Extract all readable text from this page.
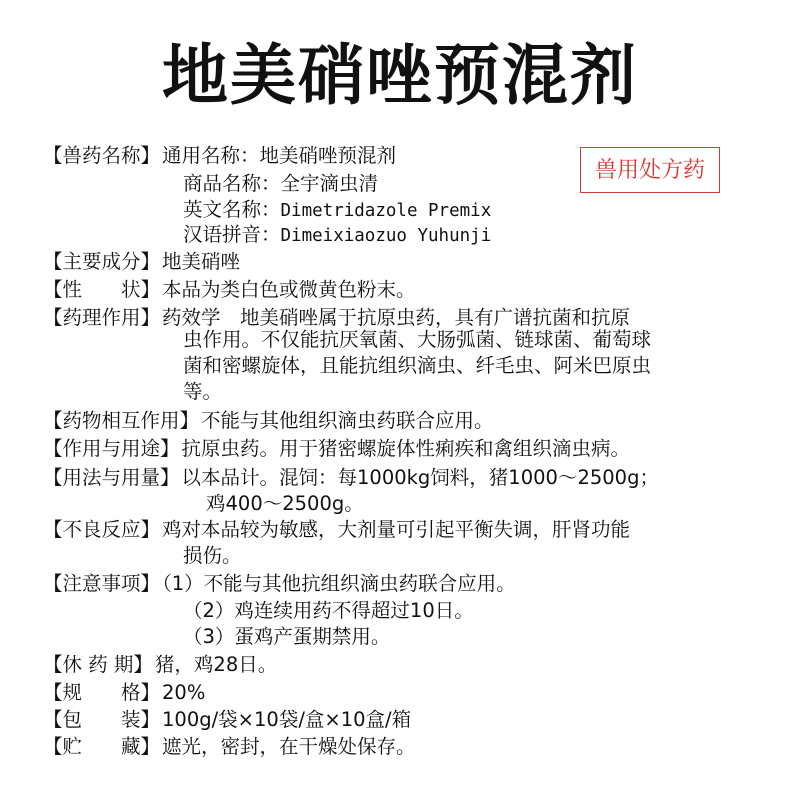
地美硝唑预混剂
兽用处方药
【兽药名称】 通用名称：地美硝唑预混剂
商品名称：全宇滴虫清
英文名称：Dimetridazole Premix
汉语拼音：Dimeixiaozuo Yuhunji
【主要成分】 地美硝唑
【性　　状】 本品为类白色或微黄色粉末。
【药理作用】 药效学　地美硝唑属于抗原虫药，具有广谱抗菌和抗原
虫作用。不仅能抗厌氧菌、大肠弧菌、链球菌、葡萄球
菌和密螺旋体，且能抗组织滴虫、纤毛虫、阿米巴原虫
等。
【药物相互作用】 不能与其他组织滴虫药联合应用。
【作用与用途】 抗原虫药。用于猪密螺旋体性痢疾和禽组织滴虫病。
【用法与用量】 以本品计。混饲：每1000kg饲料，猪1000～2500g；
鸡400～2500g。
【不良反应】 鸡对本品较为敏感，大剂量可引起平衡失调，肝肾功能
损伤。
【注意事项】 （1）不能与其他抗组织滴虫药联合应用。
（2）鸡连续用药不得超过10日。
（3）蛋鸡产蛋期禁用。
【休 药 期】 猪，鸡28日。
【规　　格】 20%
【包　　装】 100g/袋×10袋/盒×10盒/箱
【贮　　藏】 遮光，密封，在干燥处保存。
